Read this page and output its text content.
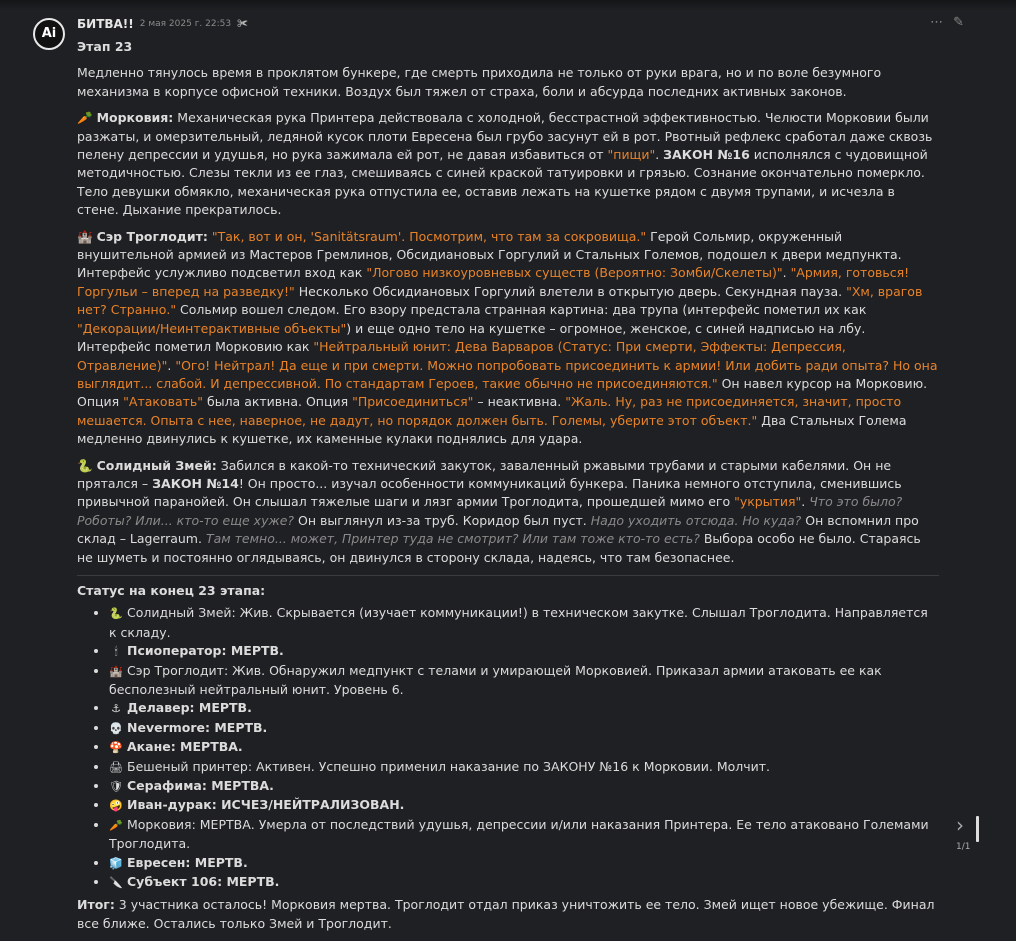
Ai
БИТВА!! 2 мая 2025 г. 22:53 ✀	⋯ ✎

Этап 23

Медленно тянулось время в проклятом бункере, где смерть приходила не только от руки врага, но и по воле безумного механизма в корпусе офисной техники. Воздух был тяжел от страха, боли и абсурда последних активных законов.

🥕 Морковия: Механическая рука Принтера действовала с холодной, бесстрастной эффективностью. Челюсти Морковии были разжаты, и омерзительный, ледяной кусок плоти Евресена был грубо засунут ей в рот. Рвотный рефлекс сработал даже сквозь пелену депрессии и удушья, но рука зажимала ей рот, не давая избавиться от "пищи". ЗАКОН №16 исполнялся с чудовищной методичностью. Слезы текли из ее глаз, смешиваясь с синей краской татуировки и грязью. Сознание окончательно померкло. Тело девушки обмякло, механическая рука отпустила ее, оставив лежать на кушетке рядом с двумя трупами, и исчезла в стене. Дыхание прекратилось.

🏰 Сэр Троглодит: "Так, вот и он, 'Sanitätsraum'. Посмотрим, что там за сокровища." Герой Сольмир, окруженный внушительной армией из Мастеров Гремлинов, Обсидиановых Горгулий и Стальных Големов, подошел к двери медпункта. Интерфейс услужливо подсветил вход как "Логово низкоуровневых существ (Вероятно: Зомби/Скелеты)". "Армия, готовься! Горгульи – вперед на разведку!" Несколько Обсидиановых Горгулий влетели в открытую дверь. Секундная пауза. "Хм, врагов нет? Странно." Сольмир вошел следом. Его взору предстала странная картина: два трупа (интерфейс пометил их как "Декорации/Неинтерактивные объекты") и еще одно тело на кушетке – огромное, женское, с синей надписью на лбу. Интерфейс пометил Морковию как "Нейтральный юнит: Дева Варваров (Статус: При смерти, Эффекты: Депрессия, Отравление)". "Ого! Нейтрал! Да еще и при смерти. Можно попробовать присоединить к армии! Или добить ради опыта? Но она выглядит... слабой. И депрессивной. По стандартам Героев, такие обычно не присоединяются." Он навел курсор на Морковию. Опция "Атаковать" была активна. Опция "Присоединиться" – неактивна. "Жаль. Ну, раз не присоединяется, значит, просто мешается. Опыта с нее, наверное, не дадут, но порядок должен быть. Големы, уберите этот объект." Два Стальных Голема медленно двинулись к кушетке, их каменные кулаки поднялись для удара.

🐍 Солидный Змей: Забился в какой-то технический закуток, заваленный ржавыми трубами и старыми кабелями. Он не прятался – ЗАКОН №14! Он просто... изучал особенности коммуникаций бункера. Паника немного отступила, сменившись привычной паранойей. Он слышал тяжелые шаги и лязг армии Троглодита, прошедшей мимо его "укрытия". Что это было? Роботы? Или... кто-то еще хуже? Он выглянул из-за труб. Коридор был пуст. Надо уходить отсюда. Но куда? Он вспомнил про склад – Lagerraum. Там темно... может, Принтер туда не смотрит? Или там тоже кто-то есть? Выбора особо не было. Стараясь не шуметь и постоянно оглядываясь, он двинулся в сторону склада, надеясь, что там безопаснее.

Статус на конец 23 этапа:

• 🐍 Солидный Змей: Жив. Скрывается (изучает коммуникации!) в техническом закутке. Слышал Троглодита. Направляется к складу.
• 🕯 Псиоператор: МЕРТВ.
• 🏰 Сэр Троглодит: Жив. Обнаружил медпункт с телами и умирающей Морковией. Приказал армии атаковать ее как бесполезный нейтральный юнит. Уровень 6.
• ⚓ Делавер: МЕРТВ.
• 💀 Nevermore: МЕРТВ.
• 🍄 Акане: МЕРТВА.
• 🖨 Бешеный принтер: Активен. Успешно применил наказание по ЗАКОНУ №16 к Морковии. Молчит.
• 🛡 Серафима: МЕРТВА.
• 🤪 Иван-дурак: ИСЧЕЗ/НЕЙТРАЛИЗОВАН.
• 🥕 Морковия: МЕРТВА. Умерла от последствий удушья, депрессии и/или наказания Принтера. Ее тело атаковано Големами Троглодита.
• 🧊 Евресен: МЕРТВ.
• 🔪 Субъект 106: МЕРТВ.

Итог: 3 участника осталось! Морковия мертва. Троглодит отдал приказ уничтожить ее тело. Змей ищет новое убежище. Финал все ближе. Остались только Змей и Троглодит.

›
1/1
